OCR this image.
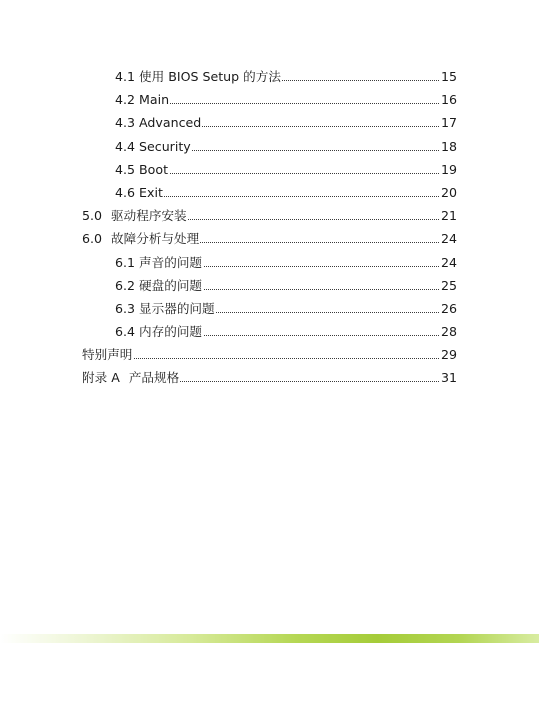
4.1 使用 BIOS Setup 的方法	15
4.2 Main	16
4.3 Advanced	17
4.4 Security	18
4.5 Boot	19
4.6 Exit	20
5.0 驱动程序安装	21
6.0 故障分析与处理	24
6.1 声音的问题	24
6.2 硬盘的问题	25
6.3 显示器的问题	26
6.4 内存的问题	28
特别声明	29
附录 A 产品规格	31
